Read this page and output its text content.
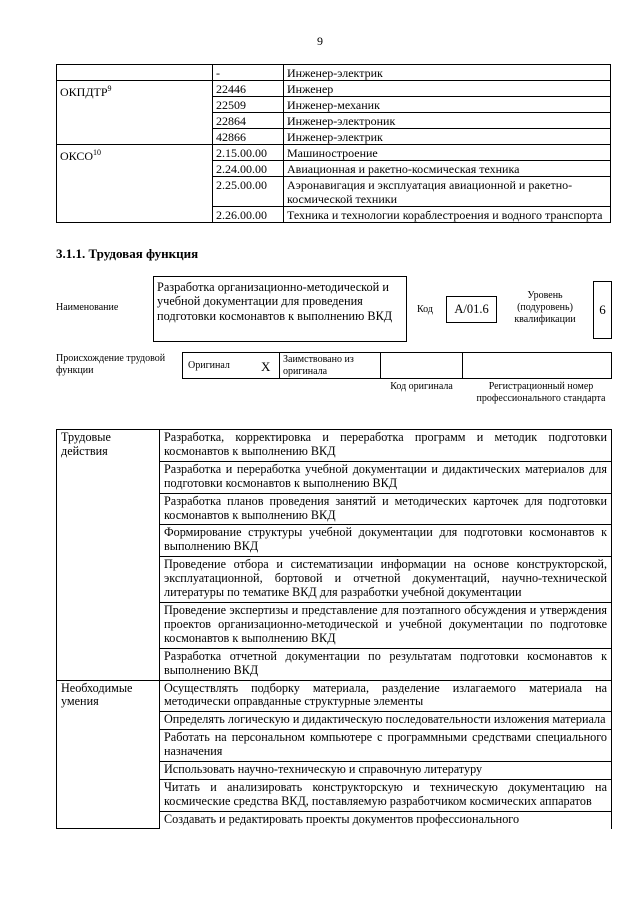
9
	-	Инженер-электрик
ОКПДТР$^9$	22446	Инженер
	22509	Инженер-механик
	22864	Инженер-электроник
	42866	Инженер-электрик
ОКСО$^{10}$	2.15.00.00	Машиностроение
	2.24.00.00	Авиационная и ракетно-космическая техника
	2.25.00.00	Аэронавигация и эксплуатация авиационной и ракетно-космической техники
	2.26.00.00	Техника и технологии кораблестроения и водного транспорта
3.1.1. Трудовая функция
Наименование
Разработка организационно-методической и учебной документации для проведения подготовки космонавтов к выполнению ВКД	Код	А/01.6
Уровень (подуровень) квалификации
6
Происхождение трудовой функции	Оригинал X Заимствовано из оригинала
Код оригинала	Регистрационный номер профессионального стандарта
Трудовые действия	Разработка, корректировка и переработка программ и методик подготовки космонавтов к выполнению ВКД
	Разработка и переработка учебной документации и дидактических материалов для подготовки космонавтов к выполнению ВКД
	Разработка планов проведения занятий и методических карточек для подготовки космонавтов к выполнению ВКД
	Формирование структуры учебной документации для подготовки космонавтов к выполнению ВКД
	Проведение отбора и систематизации информации на основе конструкторской, эксплуатационной, бортовой и отчетной документаций, научно-технической литературы по тематике ВКД для разработки учебной документации
	Проведение экспертизы и представление для поэтапного обсуждения и утверждения проектов организационно-методической и учебной документации по подготовке космонавтов к выполнению ВКД
	Разработка отчетной документации по результатам подготовки космонавтов к выполнению ВКД
Необходимые умения	Осуществлять подборку материала, разделение излагаемого материала на методически оправданные структурные элементы
	Определять логическую и дидактическую последовательности изложения материала
	Работать на персональном компьютере с программными средствами специального назначения
	Использовать научно-техническую и справочную литературу
	Читать и анализировать конструкторскую и техническую документацию на космические средства ВКД, поставляемую разработчиком космических аппаратов
	Создавать и редактировать проекты документов профессионального
